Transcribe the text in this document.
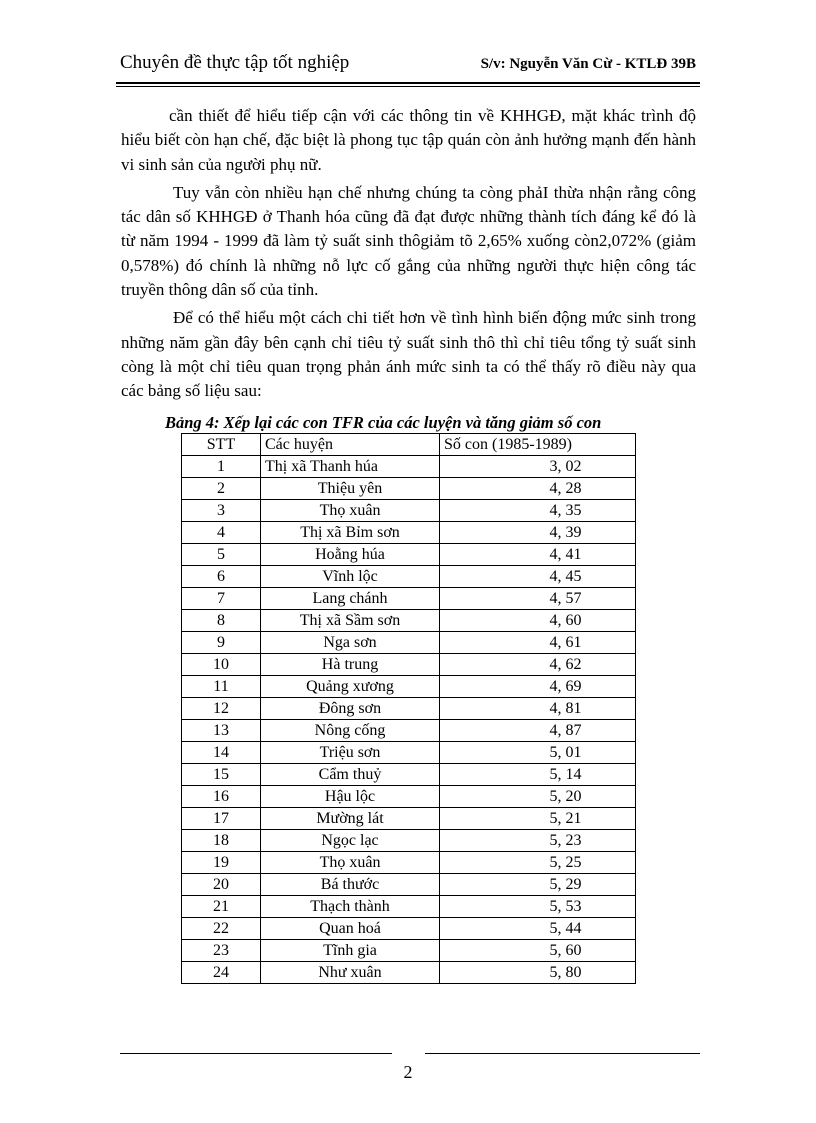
Chuyên đề thực tập tốt nghiệp	S/v: Nguyễn Văn Cừ - KTLĐ 39B

cần thiết để hiểu tiếp cận với các thông tin về KHHGĐ, mặt khác trình độ hiểu biết còn hạn chế, đặc biệt là phong tục tập quán còn ảnh hưởng mạnh đến hành vi sinh sản của người phụ nữ.

Tuy vẫn còn nhiều hạn chế nhưng chúng ta còng phảI thừa nhận rằng công tác dân số KHHGĐ ở Thanh hóa cũng đã đạt được những thành tích đáng kể đó là từ năm 1994 - 1999 đã làm tỷ suất sinh thôgiảm tõ 2,65% xuống còn2,072% (giảm 0,578%) đó chính là những nỗ lực cố gắng của những người thực hiện công tác truyền thông dân số của tỉnh.

Để có thể hiểu một cách chi tiết hơn về tình hình biến động mức sinh trong những năm gần đây bên cạnh chỉ tiêu tỷ suất sinh thô thì chỉ tiêu tổng tỷ suất sinh còng là một chỉ tiêu quan trọng phản ánh mức sinh ta có thể thấy rõ điều này qua các bảng số liệu sau:

Bảng 4: Xếp lại các con TFR của các luyện và tăng giảm số con
STT	Các huyện	Số con (1985-1989)
1	Thị xã Thanh húa	3, 02
2	Thiệu yên	4, 28
3	Thọ xuân	4, 35
4	Thị xã Bỉm sơn	4, 39
5	Hoằng húa	4, 41
6	Vĩnh lộc	4, 45
7	Lang chánh	4, 57
8	Thị xã Sầm sơn	4, 60
9	Nga sơn	4, 61
10	Hà trung	4, 62
11	Quảng xương	4, 69
12	Đông sơn	4, 81
13	Nông cống	4, 87
14	Triệu sơn	5, 01
15	Cẩm thuỷ	5, 14
16	Hậu lộc	5, 20
17	Mường lát	5, 21
18	Ngọc lạc	5, 23
19	Thọ xuân	5, 25
20	Bá thước	5, 29
21	Thạch thành	5, 53
22	Quan hoá	5, 44
23	Tĩnh gia	5, 60
24	Như xuân	5, 80
2
